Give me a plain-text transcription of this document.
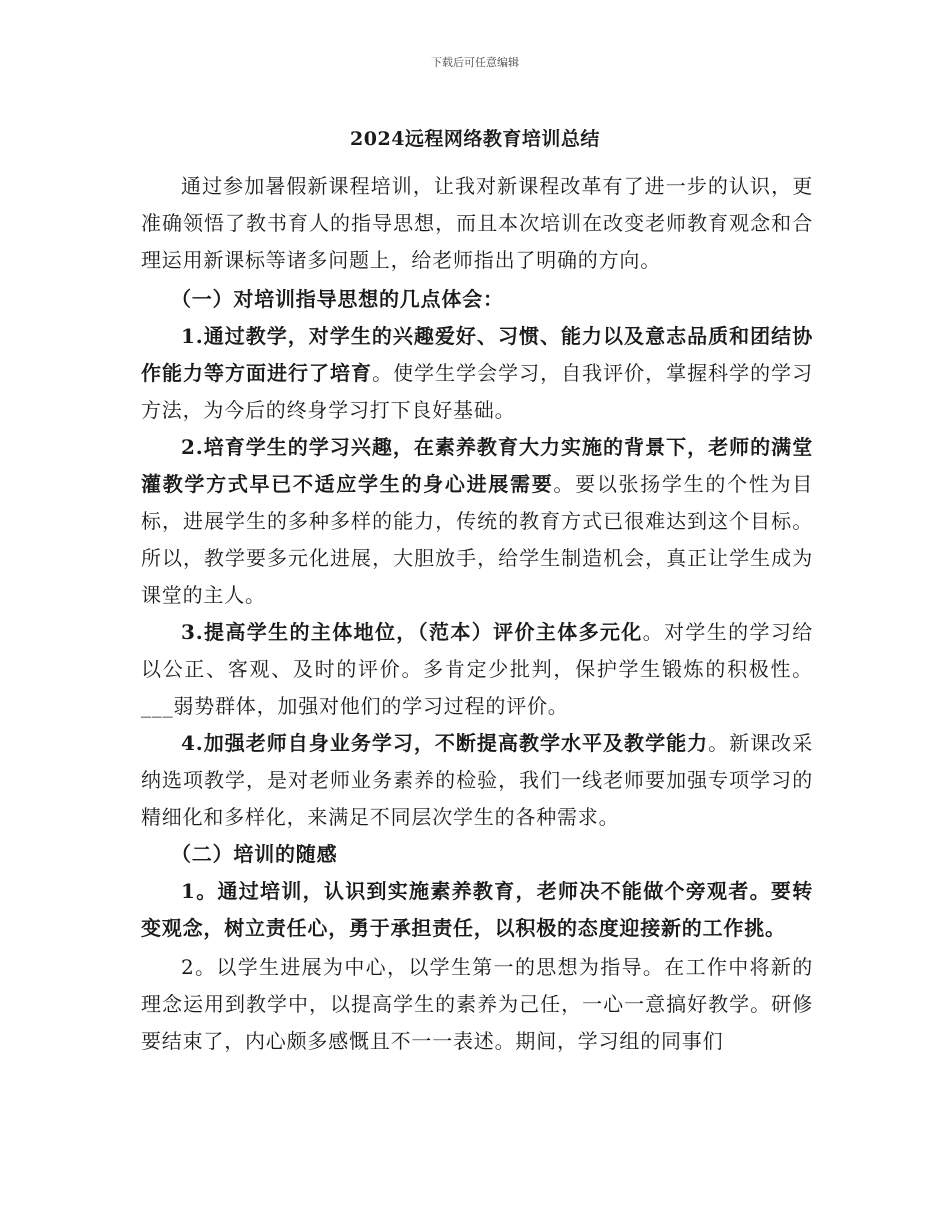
下载后可任意编辑
2024远程网络教育培训总结

通过参加暑假新课程培训，让我对新课程改革有了进一步的认识，更准确领悟了教书育人的指导思想，而且本次培训在改变老师教育观念和合理运用新课标等诸多问题上，给老师指出了明确的方向。

（一）对培训指导思想的几点体会：

1.通过教学，对学生的兴趣爱好、习惯、能力以及意志品质和团结协作能力等方面进行了培育。使学生学会学习，自我评价，掌握科学的学习方法，为今后的终身学习打下良好基础。

2.培育学生的学习兴趣，在素养教育大力实施的背景下，老师的满堂灌教学方式早已不适应学生的身心进展需要。要以张扬学生的个性为目标，进展学生的多种多样的能力，传统的教育方式已很难达到这个目标。所以，教学要多元化进展，大胆放手，给学生制造机会，真正让学生成为课堂的主人。

3.提高学生的主体地位，（范本）评价主体多元化。对学生的学习给以公正、客观、及时的评价。多肯定少批判，保护学生锻炼的积极性。___弱势群体，加强对他们的学习过程的评价。

4.加强老师自身业务学习，不断提高教学水平及教学能力。新课改采纳选项教学，是对老师业务素养的检验，我们一线老师要加强专项学习的精细化和多样化，来满足不同层次学生的各种需求。

（二）培训的随感

1。通过培训，认识到实施素养教育，老师决不能做个旁观者。要转变观念，树立责任心，勇于承担责任，以积极的态度迎接新的工作挑。

2。以学生进展为中心，以学生第一的思想为指导。在工作中将新的理念运用到教学中，以提高学生的素养为己任，一心一意搞好教学。研修要结束了，内心颇多感慨且不一一表述。期间，学习组的同事们
